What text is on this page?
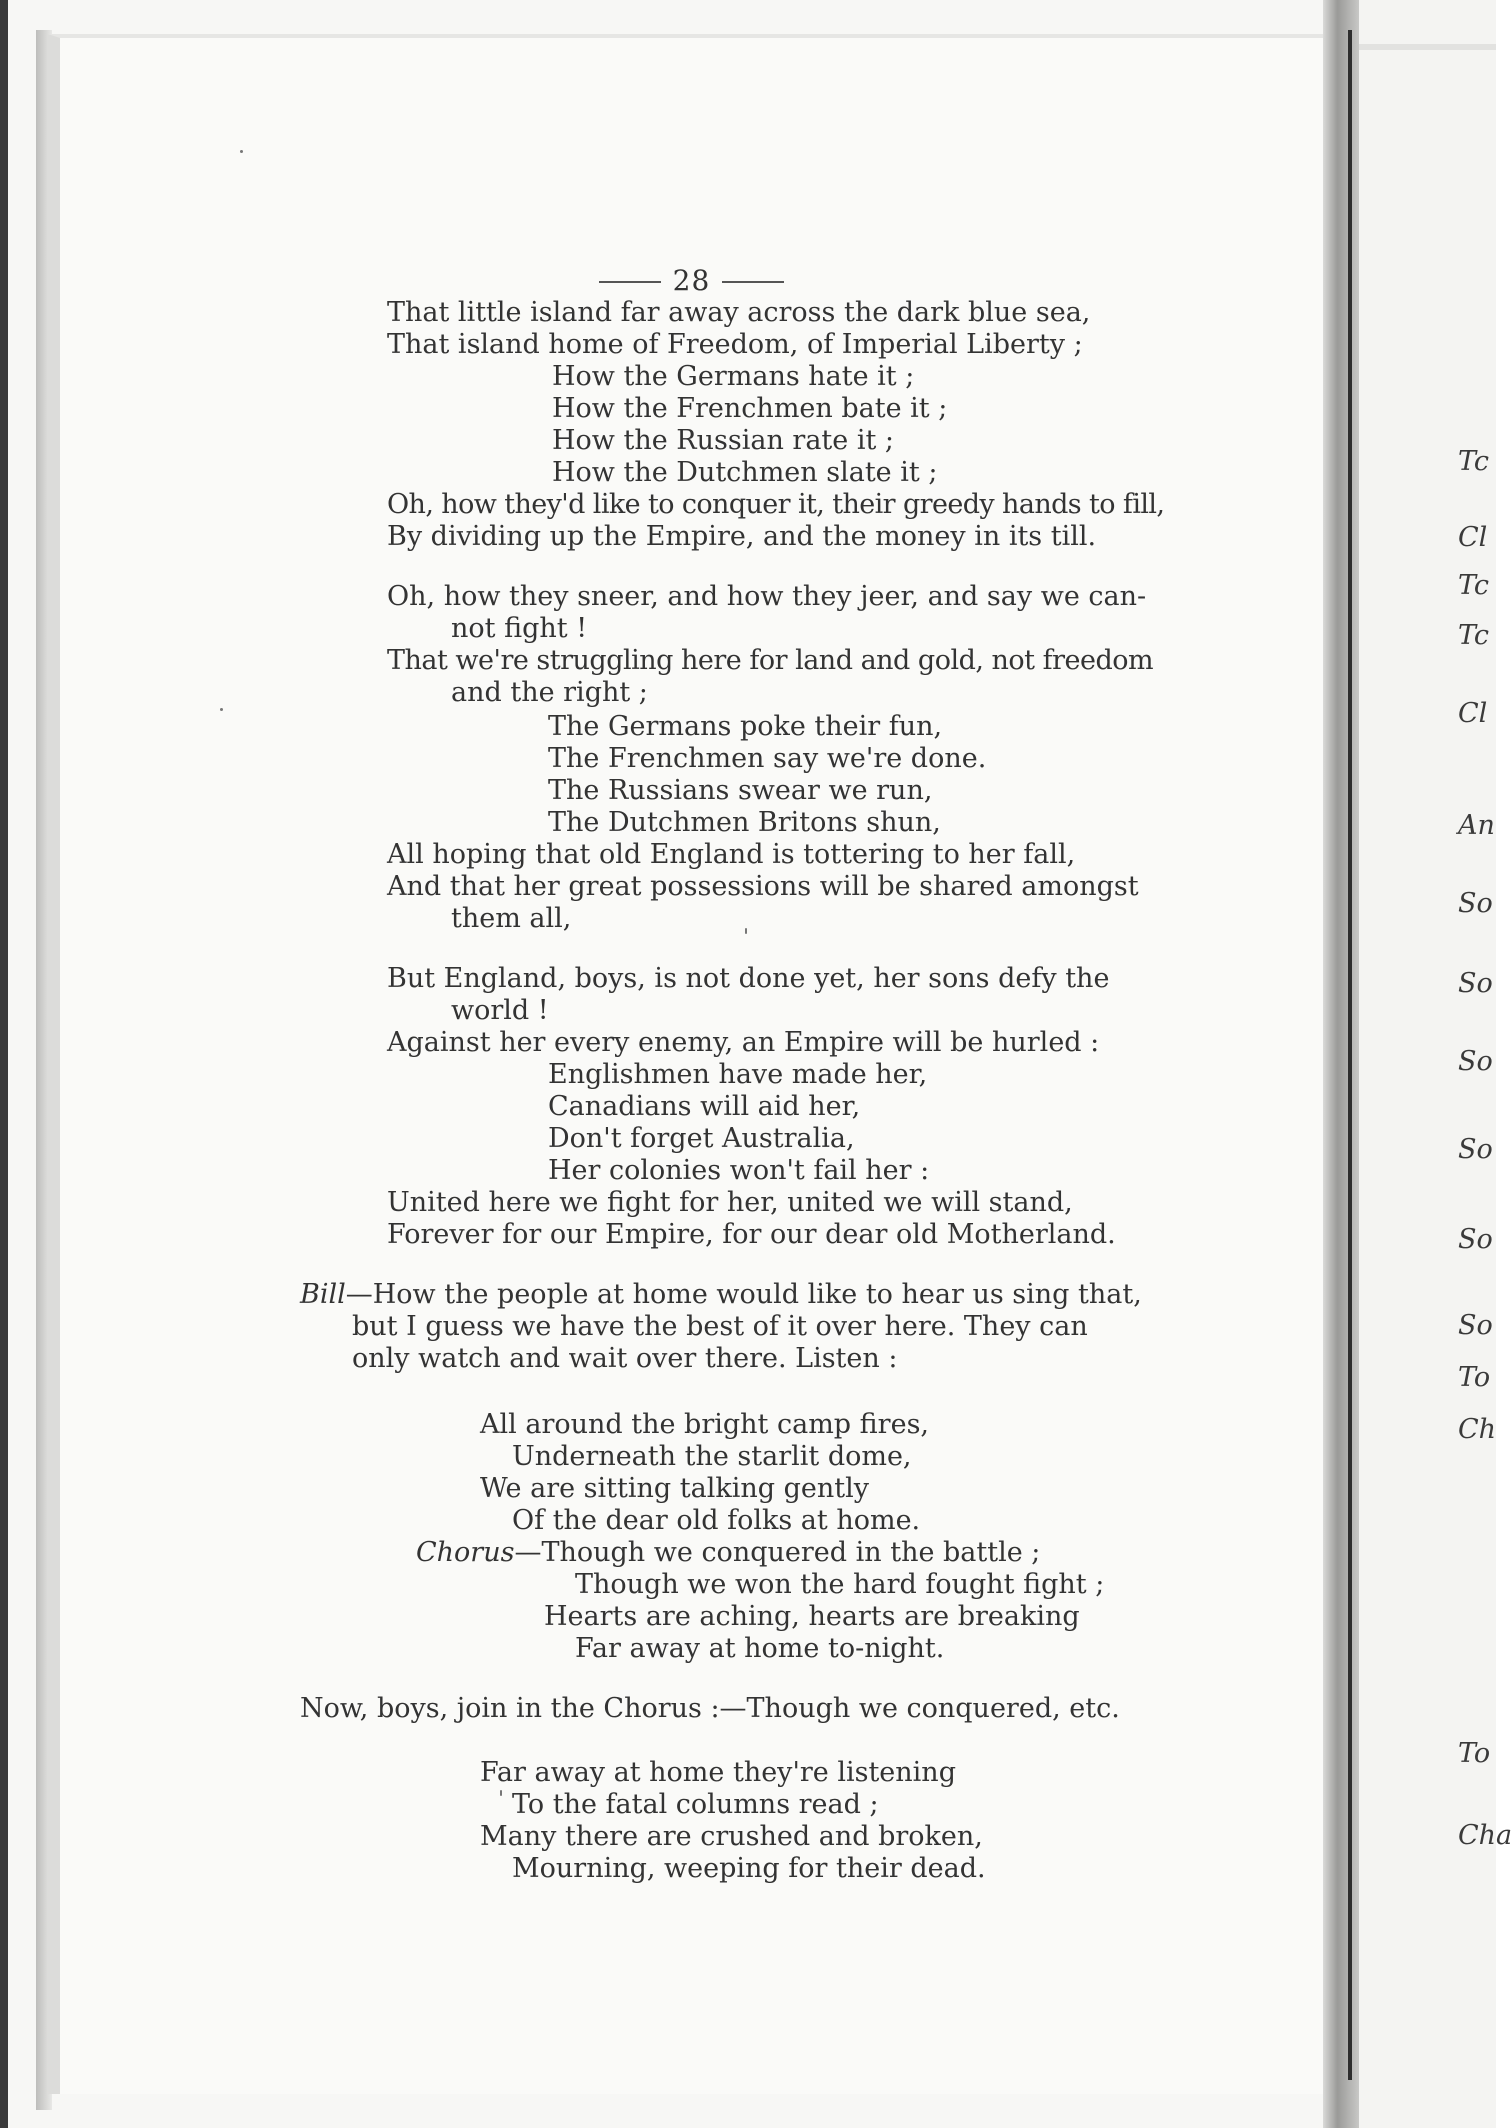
28
That little island far away across the dark blue sea,
That island home of Freedom, of Imperial Liberty ;
How the Germans hate it ;
How the Frenchmen bate it ;
How the Russian rate it ;
How the Dutchmen slate it ;
Oh, how they'd like to conquer it, their greedy hands to fill,
By dividing up the Empire, and the money in its till.
Oh, how they sneer, and how they jeer, and say we can-
not fight !
That we're struggling here for land and gold, not freedom
and the right ;
The Germans poke their fun,
The Frenchmen say we're done.
The Russians swear we run,
The Dutchmen Britons shun,
All hoping that old England is tottering to her fall,
And that her great possessions will be shared amongst
them all,
But England, boys, is not done yet, her sons defy the
world !
Against her every enemy, an Empire will be hurled :
Englishmen have made her,
Canadians will aid her,
Don't forget Australia,
Her colonies won't fail her :
United here we fight for her, united we will stand,
Forever for our Empire, for our dear old Motherland.
Bill—How the people at home would like to hear us sing that,
but I guess we have the best of it over here. They can
only watch and wait over there. Listen :
All around the bright camp fires,
Underneath the starlit dome,
We are sitting talking gently
Of the dear old folks at home.
Chorus—Though we conquered in the battle ;
Though we won the hard fought fight ;
Hearts are aching, hearts are breaking
Far away at home to-night.
Now, boys, join in the Chorus :—Though we conquered, etc.
Far away at home they're listening
To the fatal columns read ;
Many there are crushed and broken,
Mourning, weeping for their dead.
Tc
Cl
Tc
Tc
Cl
An
So
So
So
So
So
So
To
Ch
To
Cha
